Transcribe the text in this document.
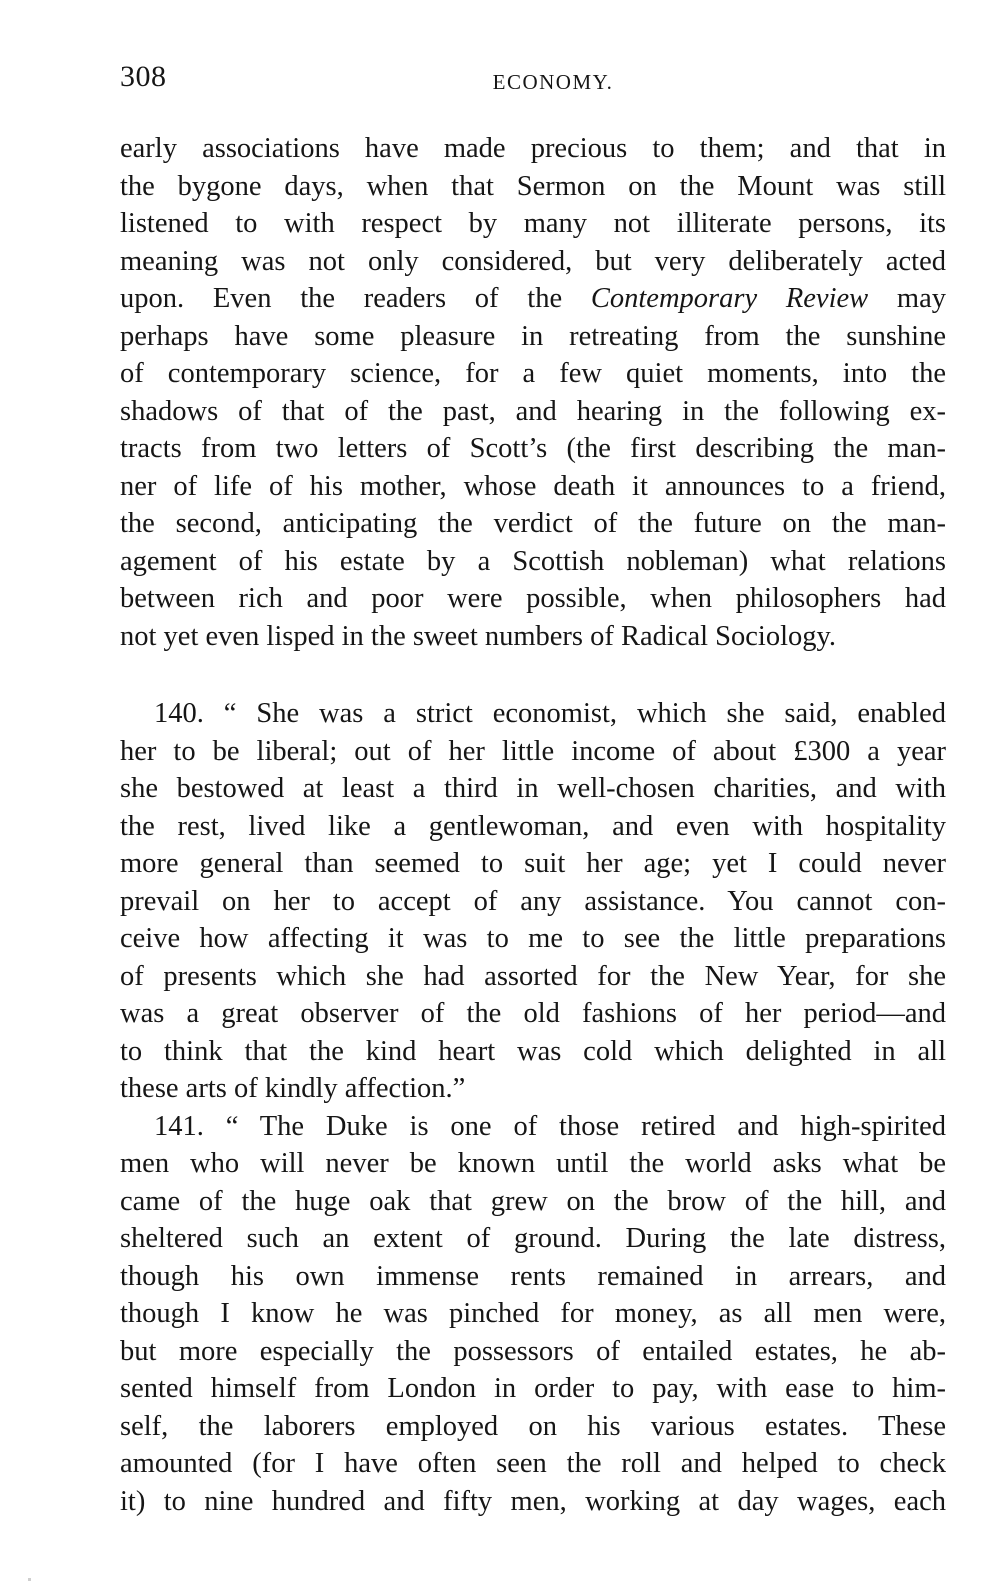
308	ECONOMY.
early associations have made precious to them; and that in
the bygone days, when that Sermon on the Mount was still
listened to with respect by many not illiterate persons, its
meaning was not only considered, but very deliberately acted
upon. Even the readers of the Contemporary Review may
perhaps have some pleasure in retreating from the sunshine
of contemporary science, for a few quiet moments, into the
shadows of that of the past, and hearing in the following ex-
tracts from two letters of Scott’s (the first describing the man-
ner of life of his mother, whose death it announces to a friend,
the second, anticipating the verdict of the future on the man-
agement of his estate by a Scottish nobleman) what relations
between rich and poor were possible, when philosophers had
not yet even lisped in the sweet numbers of Radical Sociology.
140. “ She was a strict economist, which she said, enabled
her to be liberal; out of her little income of about £300 a year
she bestowed at least a third in well-chosen charities, and with
the rest, lived like a gentlewoman, and even with hospitality
more general than seemed to suit her age; yet I could never
prevail on her to accept of any assistance. You cannot con-
ceive how affecting it was to me to see the little preparations
of presents which she had assorted for the New Year, for she
was a great observer of the old fashions of her period—and
to think that the kind heart was cold which delighted in all
these arts of kindly affection.”
141. “ The Duke is one of those retired and high-spirited
men who will never be known until the world asks what be
came of the huge oak that grew on the brow of the hill, and
sheltered such an extent of ground. During the late distress,
though his own immense rents remained in arrears, and
though I know he was pinched for money, as all men were,
but more especially the possessors of entailed estates, he ab-
sented himself from London in order to pay, with ease to him-
self, the laborers employed on his various estates. These
amounted (for I have often seen the roll and helped to check
it) to nine hundred and fifty men, working at day wages, each
